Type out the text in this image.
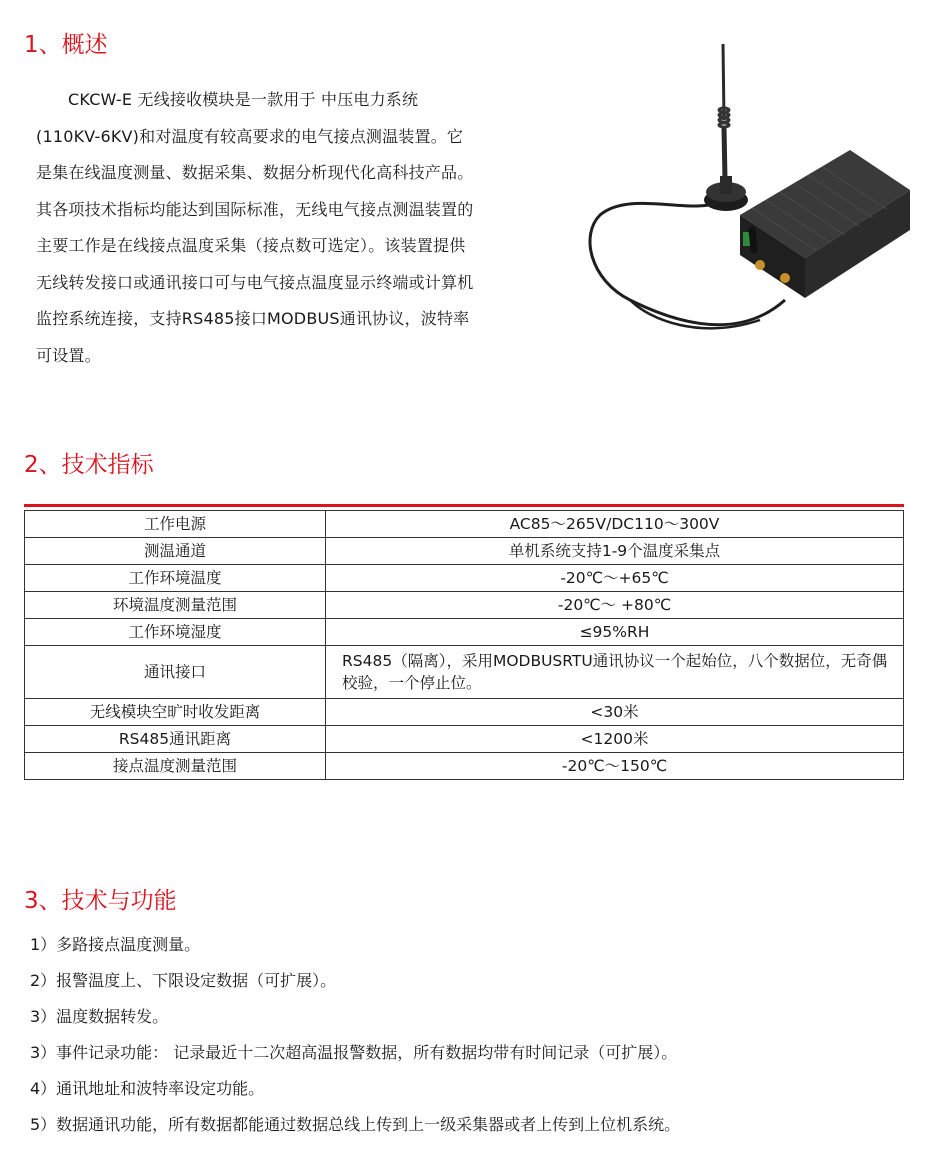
1、概述

CKCW-E 无线接收模块是一款用于 中压电力系统(110KV-6KV)和对温度有较高要求的电气接点测温装置。它是集在线温度测量、数据采集、数据分析现代化高科技产品。其各项技术指标均能达到国际标准，无线电气接点测温装置的主要工作是在线接点温度采集（接点数可选定）。该装置提供无线转发接口或通讯接口可与电气接点温度显示终端或计算机监控系统连接，支持RS485接口MODBUS通讯协议，波特率可设置。

2、技术指标
工作电源	AC85～265V/DC110～300V
测温通道	单机系统支持1-9个温度采集点
工作环境温度	-20℃～+65℃
环境温度测量范围	-20℃～ +80℃
工作环境湿度	≤95%RH
通讯接口	RS485（隔离），采用MODBUSRTU通讯协议一个起始位，八个数据位，无奇偶校验，一个停止位。
无线模块空旷时收发距离	<30米
RS485通讯距离	<1200米
接点温度测量范围	-20℃～150℃
3、技术与功能
1）多路接点温度测量。
2）报警温度上、下限设定数据（可扩展）。
3）温度数据转发。
3）事件记录功能： 记录最近十二次超高温报警数据，所有数据均带有时间记录（可扩展）。
4）通讯地址和波特率设定功能。
5）数据通讯功能，所有数据都能通过数据总线上传到上一级采集器或者上传到上位机系统。
